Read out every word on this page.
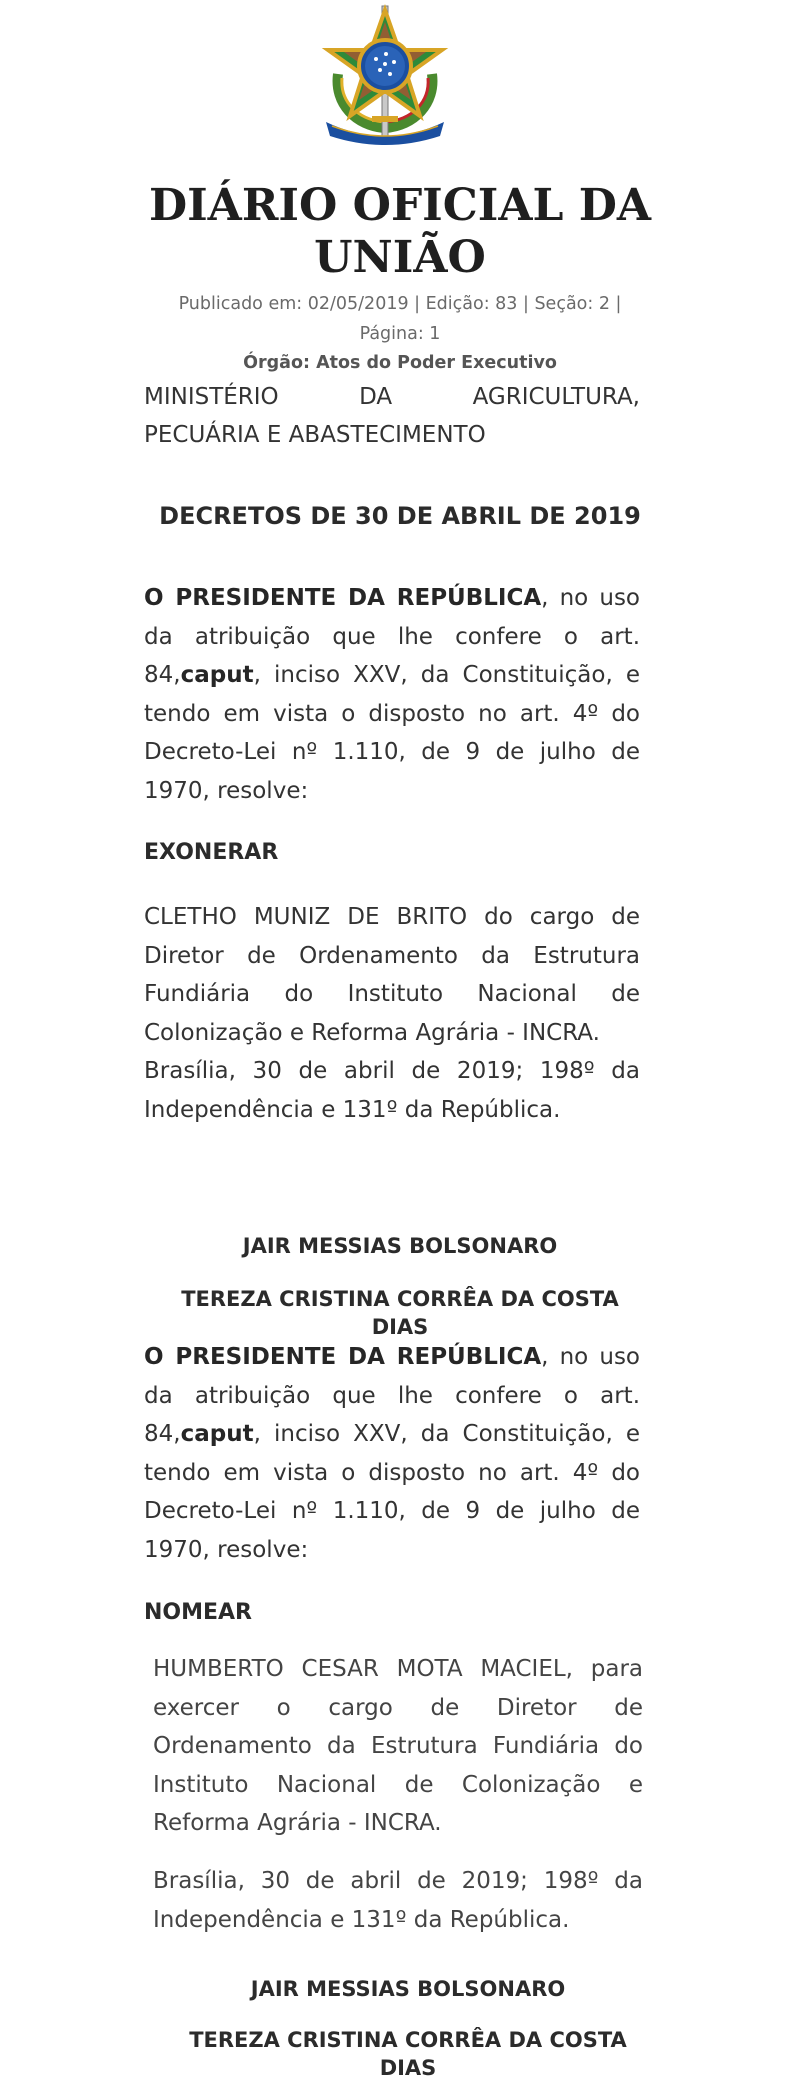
DIÁRIO OFICIAL DA
UNIÃO
Publicado em: 02/05/2019 | Edição: 83 | Seção: 2 |
Página: 1
Órgão: Atos do Poder Executivo
MINISTÉRIO	DA	AGRICULTURA,
PECUÁRIA E ABASTECIMENTO
DECRETOS DE 30 DE ABRIL DE 2019

O PRESIDENTE DA REPÚBLICA, no uso da atribuição que lhe confere o art. 84,caput, inciso XXV, da Constituição, e tendo em vista o disposto no art. 4º do Decreto-Lei nº 1.110, de 9 de julho de 1970, resolve:

EXONERAR

CLETHO MUNIZ DE BRITO do cargo de Diretor de Ordenamento da Estrutura Fundiária do Instituto Nacional de Colonização e Reforma Agrária - INCRA.

Brasília, 30 de abril de 2019; 198º da Independência e 131º da República.

JAIR MESSIAS BOLSONARO
TEREZA CRISTINA CORRÊA DA COSTA DIAS

O PRESIDENTE DA REPÚBLICA, no uso da atribuição que lhe confere o art. 84,caput, inciso XXV, da Constituição, e tendo em vista o disposto no art. 4º do Decreto-Lei nº 1.110, de 9 de julho de 1970, resolve:

NOMEAR

HUMBERTO CESAR MOTA MACIEL, para exercer o cargo de Diretor de Ordenamento da Estrutura Fundiária do Instituto Nacional de Colonização e Reforma Agrária - INCRA.

Brasília, 30 de abril de 2019; 198º da Independência e 131º da República.

JAIR MESSIAS BOLSONARO
TEREZA CRISTINA CORRÊA DA COSTA DIAS
